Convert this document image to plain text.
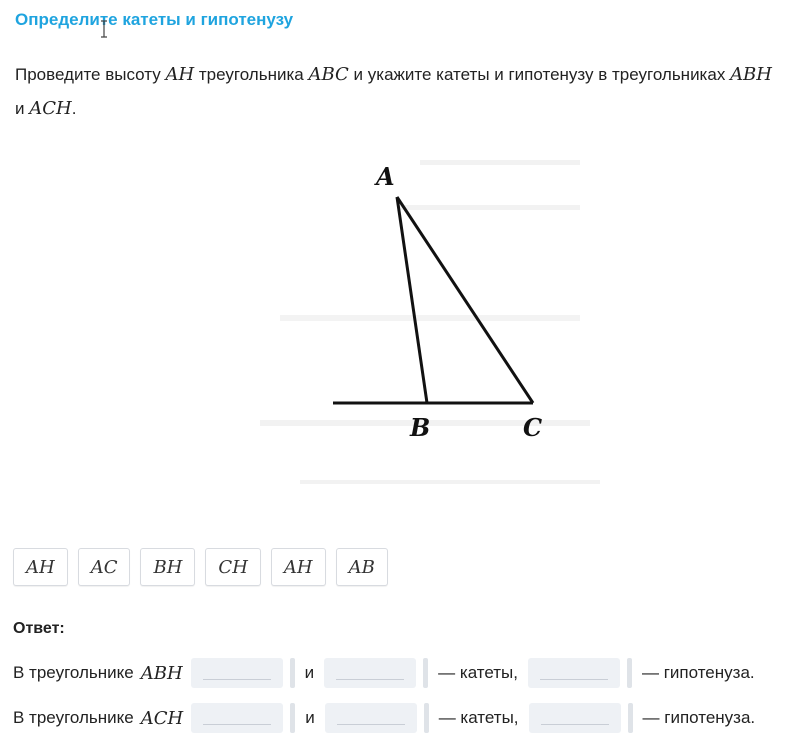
Определите катеты и гипотенузу
Проведите высоту AH треугольника ABC и укажите катеты и гипотенузу в треугольниках ABH
и ACH.
A
B	C
AH	AC	BH	CH	AH	AB
Ответ:
В треугольнике ABH	и	— катеты,	— гипотенуза.
В треугольнике ACH	и	— катеты,	— гипотенуза.
